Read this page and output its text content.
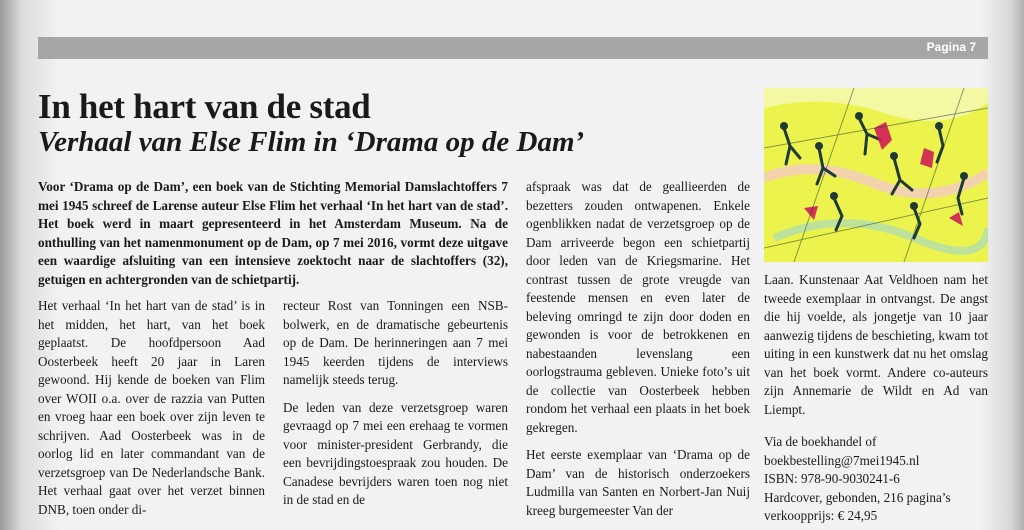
Pagina 7
In het hart van de stad
Verhaal van Else Flim in ‘Drama op de Dam’

Voor ‘Drama op de Dam’, een boek van de Stichting Memorial Damslachtoffers 7 mei 1945 schreef de Larense auteur Else Flim het verhaal ‘In het hart van de stad’. Het boek werd in maart gepresenteerd in het Amsterdam Museum. Na de onthulling van het namenmonument op de Dam, op 7 mei 2016, vormt deze uitgave een waardige afsluiting van een intensieve zoektocht naar de slachtoffers (32), getuigen en achtergronden van de schietpartij.

Het verhaal ‘In het hart van de stad’ is in het midden, het hart, van het boek geplaatst. De hoofdpersoon Aad Oosterbeek heeft 20 jaar in Laren gewoond. Hij kende de boeken van Flim over WOII o.a. over de razzia van Putten en vroeg haar een boek over zijn leven te schrijven. Aad Oosterbeek was in de oorlog lid en later commandant van de verzetsgroep van De Nederlandsche Bank. Het verhaal gaat over het verzet binnen DNB, toen onder di-

recteur Rost van Tonningen een NSB-bolwerk, en de dramatische gebeurtenis op de Dam. De herinneringen aan 7 mei 1945 keerden tijdens de interviews namelijk steeds terug.

De leden van deze verzetsgroep waren gevraagd op 7 mei een erehaag te vormen voor minister-president Gerbrandy, die een bevrijdingstoespraak zou houden. De Canadese bevrijders waren toen nog niet in de stad en de

afspraak was dat de geallieerden de bezetters zouden ontwapenen. Enkele ogenblikken nadat de verzetsgroep op de Dam arriveerde begon een schietpartij door leden van de Kriegsmarine. Het contrast tussen de grote vreugde van feestende mensen en even later de beleving omringd te zijn door doden en gewonden is voor de betrokkenen en nabestaanden levenslang een oorlogstrauma gebleven. Unieke foto’s uit de collectie van Oosterbeek hebben rondom het verhaal een plaats in het boek gekregen.

Het eerste exemplaar van ‘Drama op de Dam’ van de historisch onderzoekers Ludmilla van Santen en Norbert-Jan Nuij kreeg burgemeester Van der

Laan. Kunstenaar Aat Veldhoen nam het tweede exemplaar in ontvangst. De angst die hij voelde, als jongetje van 10 jaar aanwezig tijdens de beschieting, kwam tot uiting in een kunstwerk dat nu het omslag van het boek vormt. Andere co-auteurs zijn Annemarie de Wildt en Ad van Liempt.

Via de boekhandel of
boekbestelling@7mei1945.nl
ISBN: 978-90-9030241-6
Hardcover, gebonden, 216 pagina’s
verkoopprijs: € 24,95
